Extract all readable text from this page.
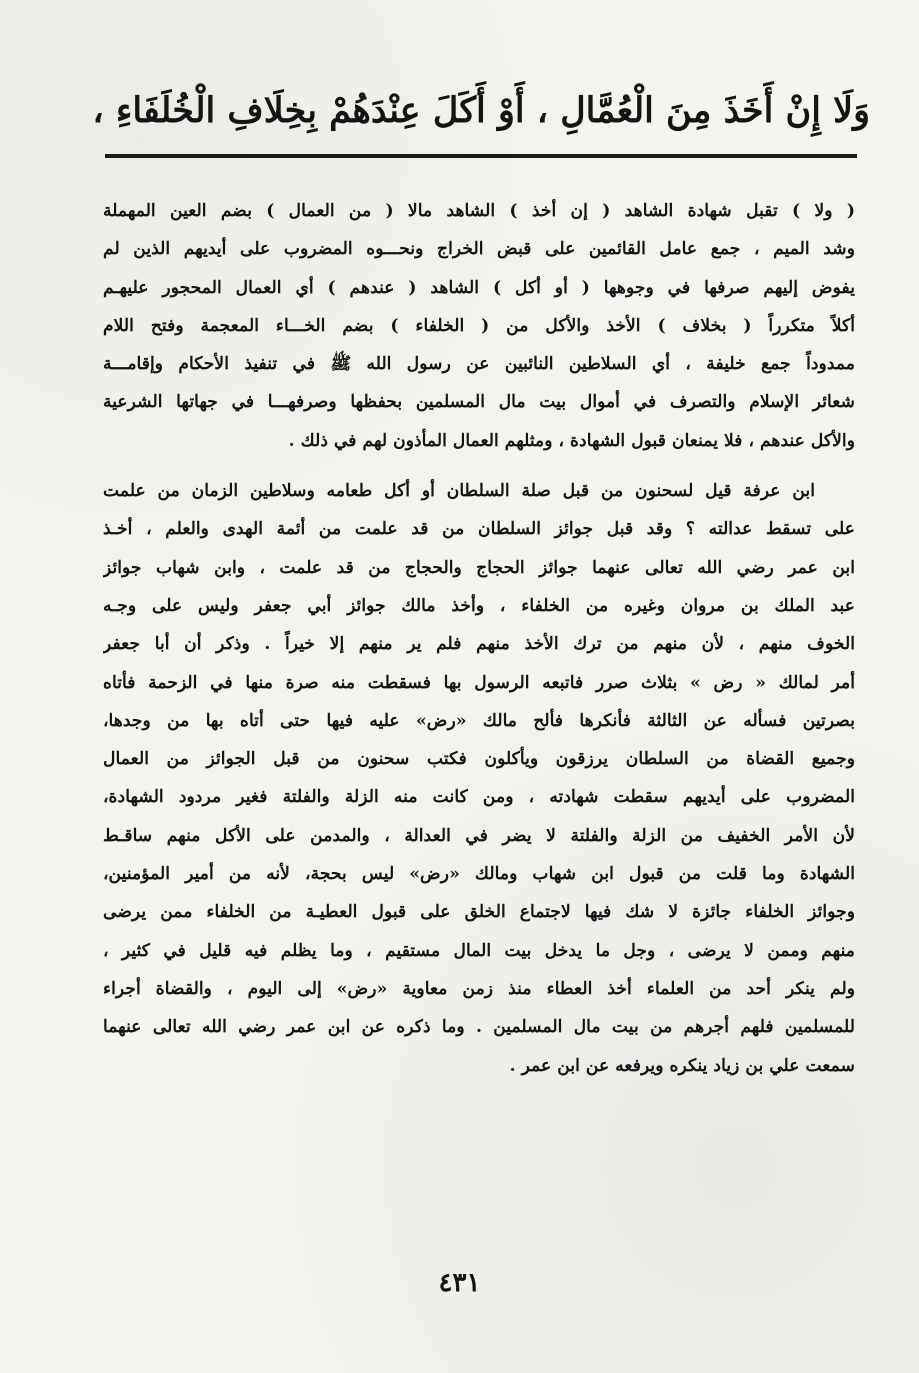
وَلَا إِنْ أَخَذَ مِنَ الْعُمَّالِ ، أَوْ أَكَلَ عِنْدَهُمْ بِخِلَافِ الْخُلَفَاءِ ،
( ولا ) تقبل شهادة الشاهد ( إن أخذ ) الشاهد مالا ( من العمال ) بضم العين المهملة
وشد الميم ، جمع عامل القائمين على قبض الخراج ونحـــوه المضروب على أيديهم الذين لم
يفوض إليهم صرفها في وجوهها ( أو أكل ) الشاهد ( عندهم ) أي العمال المحجور عليهـم
أكلاً متكرراً ( بخلاف ) الأخذ والأكل من ( الخلفاء ) بضم الخـــاء المعجمة وفتح اللام
ممدوداً جمع خليفة ، أي السلاطين النائبين عن رسول الله ﷺ في تنفيذ الأحكام وإقامـــة
شعائر الإسلام والتصرف في أموال بيت مال المسلمين بحفظها وصرفهـــا في جهاتها الشرعية
والأكل عندهم ، فلا يمنعان قبول الشهادة ، ومثلهم العمال المأذون لهم في ذلك .
ابن عرفة قيل لسحنون من قبل صلة السلطان أو أكل طعامه وسلاطين الزمان من علمت
على تسقط عدالته ؟ وقد قبل جوائز السلطان من قد علمت من أئمة الهدى والعلم ، أخـذ
ابن عمر رضي الله تعالى عنهما جوائز الحجاج والحجاج من قد علمت ، وابن شهاب جوائز
عبد الملك بن مروان وغيره من الخلفاء ، وأخذ مالك جوائز أبي جعفر وليس على وجـه
الخوف منهم ، لأن منهم من ترك الأخذ منهم فلم ير منهم إلا خيراً . وذكر أن أبا جعفر
أمر لمالك « رض » بثلاث صرر فاتبعه الرسول بها فسقطت منه صرة منها في الزحمة فأتاه
بصرتين فسأله عن الثالثة فأنكرها فألح مالك «رض» عليه فيها حتى أتاه بها من وجدها،
وجميع القضاة من السلطان يرزقون ويأكلون فكتب سحنون من قبل الجوائز من العمال
المضروب على أيديهم سقطت شهادته ، ومن كانت منه الزلة والفلتة فغير مردود الشهادة،
لأن الأمر الخفيف من الزلة والفلتة لا يضر في العدالة ، والمدمن على الأكل منهم ساقـط
الشهادة وما قلت من قبول ابن شهاب ومالك «رض» ليس بحجة، لأنه من أمير المؤمنين،
وجوائز الخلفاء جائزة لا شك فيها لاجتماع الخلق على قبول العطيـة من الخلفاء ممن يرضى
منهم وممن لا يرضى ، وجل ما يدخل بيت المال مستقيم ، وما يظلم فيه قليل في كثير ،
ولم ينكر أحد من العلماء أخذ العطاء منذ زمن معاوية «رض» إلى اليوم ، والقضاة أجراء
للمسلمين فلهم أجرهم من بيت مال المسلمين . وما ذكره عن ابن عمر رضي الله تعالى عنهما
سمعت علي بن زياد ينكره ويرفعه عن ابن عمر .
٤٣١
